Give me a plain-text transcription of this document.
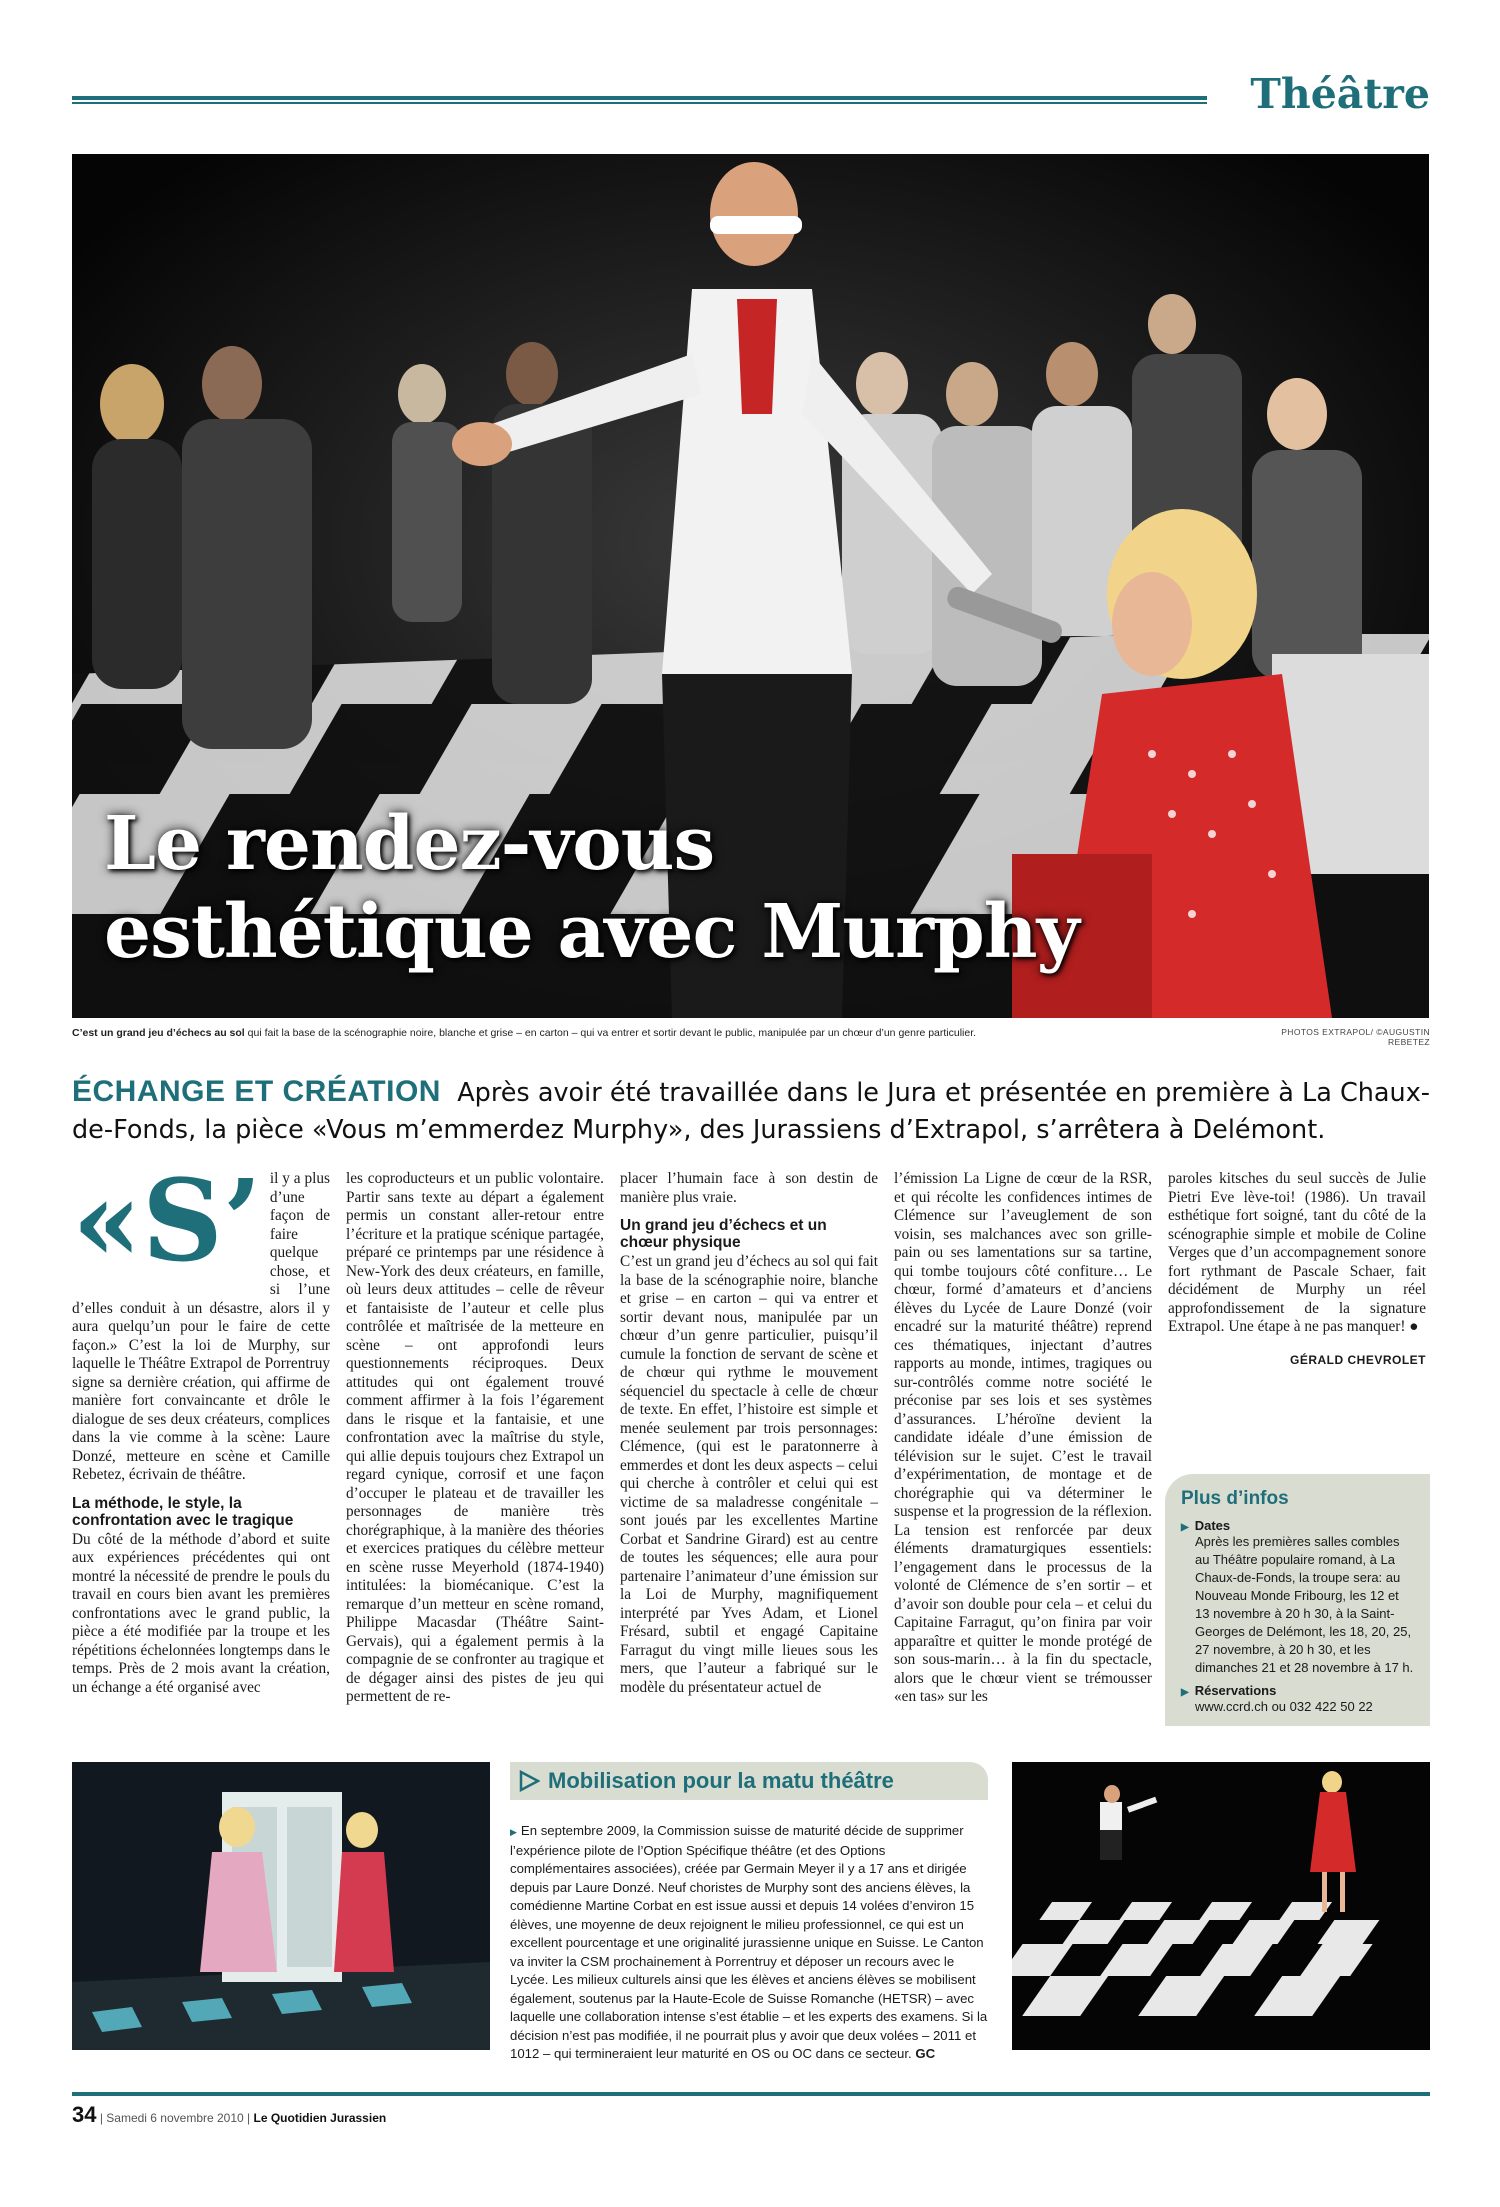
Théâtre
Le rendez-vous
esthétique avec Murphy
C’est un grand jeu d’échecs au sol qui fait la base de la scénographie noire, blanche et grise – en carton – qui va entrer et sortir devant le public, manipulée par un chœur d’un genre particulier.	PHOTOS EXTRAPOL/ ©AUGUSTIN REBETEZ
ÉCHANGE ET CRÉATION Après avoir été travaillée dans le Jura et présentée en première à La Chaux-de-Fonds, la pièce «Vous m’emmerdez Murphy», des Jurassiens d’Extrapol, s’arrêtera à Delémont.
«S’ il y a plus d’une façon de faire quelque chose, et si l’une d’elles conduit à un désastre, alors il y aura quelqu’un pour le faire de cette façon.» C’est la loi de Murphy, sur laquelle le Théâtre Extrapol de Porrentruy signe sa dernière création, qui affirme de manière fort convaincante et drôle le dialogue de ses deux créateurs, complices dans la vie comme à la scène: Laure Donzé, metteure en scène et Camille Rebetez, écrivain de théâtre.

La méthode, le style, la confrontation avec le tragique

Du côté de la méthode d’abord et suite aux expériences précédentes qui ont montré la nécessité de prendre le pouls du travail en cours bien avant les premières confrontations avec le grand public, la pièce a été modifiée par la troupe et les répétitions échelonnées longtemps dans le temps. Près de 2 mois avant la création, un échange a été organisé avec

les coproducteurs et un public volontaire. Partir sans texte au départ a également permis un constant aller-retour entre l’écriture et la pratique scénique partagée, préparé ce printemps par une résidence à New-York des deux créateurs, en famille, où leurs deux attitudes – celle de rêveur et fantaisiste de l’auteur et celle plus contrôlée et maîtrisée de la metteure en scène – ont approfondi leurs questionnements réciproques. Deux attitudes qui ont également trouvé comment affirmer à la fois l’égarement dans le risque et la fantaisie, et une confrontation avec la maîtrise du style, qui allie depuis toujours chez Extrapol un regard cynique, corrosif et une façon d’occuper le plateau et de travailler les personnages de manière très chorégraphique, à la manière des théories et exercices pratiques du célèbre metteur en scène russe Meyerhold (1874-1940) intitulées: la biomécanique. C’est la remarque d’un metteur en scène romand, Philippe Macasdar (Théâtre Saint-Gervais), qui a également permis à la compagnie de se confronter au tragique et de dégager ainsi des pistes de jeu qui permettent de re-

placer l’humain face à son destin de manière plus vraie.

Un grand jeu d’échecs et un chœur physique

C’est un grand jeu d’échecs au sol qui fait la base de la scénographie noire, blanche et grise – en carton – qui va entrer et sortir devant nous, manipulée par un chœur d’un genre particulier, puisqu’il cumule la fonction de servant de scène et de chœur qui rythme le mouvement séquenciel du spectacle à celle de chœur de texte. En effet, l’histoire est simple et menée seulement par trois personnages: Clémence, (qui est le paratonnerre à emmerdes et dont les deux aspects – celui qui cherche à contrôler et celui qui est victime de sa maladresse congénitale – sont joués par les excellentes Martine Corbat et Sandrine Girard) est au centre de toutes les séquences; elle aura pour partenaire l’animateur d’une émission sur la Loi de Murphy, magnifiquement interprété par Yves Adam, et Lionel Frésard, subtil et engagé Capitaine Farragut du vingt mille lieues sous les mers, que l’auteur a fabriqué sur le modèle du présentateur actuel de

l’émission La Ligne de cœur de la RSR, et qui récolte les confidences intimes de Clémence sur l’aveuglement de son voisin, ses malchances avec son grille-pain ou ses lamentations sur sa tartine, qui tombe toujours côté confiture… Le chœur, formé d’amateurs et d’anciens élèves du Lycée de Laure Donzé (voir encadré sur la maturité théâtre) reprend ces thématiques, injectant d’autres rapports au monde, intimes, tragiques ou sur-contrôlés comme notre société le préconise par ses lois et ses systèmes d’assurances. L’héroïne devient la candidate idéale d’une émission de télévision sur le sujet. C’est le travail d’expérimentation, de montage et de chorégraphie qui va déterminer le suspense et la progression de la réflexion. La tension est renforcée par deux éléments dramaturgiques essentiels: l’engagement dans le processus de la volonté de Clémence de s’en sortir – et d’avoir son double pour cela – et celui du Capitaine Farragut, qu’on finira par voir apparaître et quitter le monde protégé de son sous-marin… à la fin du spectacle, alors que le chœur vient se trémousser «en tas» sur les

paroles kitsches du seul succès de Julie Pietri Eve lève-toi! (1986). Un travail esthétique fort soigné, tant du côté de la scénographie simple et mobile de Coline Verges que d’un accompagnement sonore fort rythmant de Pascale Schaer, fait décidément de Murphy un réel approfondissement de la signature Extrapol. Une étape à ne pas manquer! ●

GÉRALD CHEVROLET

Plus d’infos
▶ Dates
Après les premières salles combles au Théâtre populaire romand, à La Chaux-de-Fonds, la troupe sera: au Nouveau Monde Fribourg, les 12 et 13 novembre à 20 h 30, à la Saint-Georges de Delémont, les 18, 20, 25, 27 novembre, à 20 h 30, et les dimanches 21 et 28 novembre à 17 h.
▶ Réservations
www.ccrd.ch ou 032 422 50 22
Mobilisation pour la matu théâtre
▶ En septembre 2009, la Commission suisse de maturité décide de supprimer l’expérience pilote de l’Option Spécifique théâtre (et des Options complémentaires associées), créée par Germain Meyer il y a 17 ans et dirigée depuis par Laure Donzé. Neuf choristes de Murphy sont des anciens élèves, la comédienne Martine Corbat en est issue aussi et depuis 14 volées d’environ 15 élèves, une moyenne de deux rejoignent le milieu professionnel, ce qui est un excellent pourcentage et une originalité jurassienne unique en Suisse. Le Canton va inviter la CSM prochainement à Porrentruy et déposer un recours avec le Lycée. Les milieux culturels ainsi que les élèves et anciens élèves se mobilisent également, soutenus par la Haute-Ecole de Suisse Romanche (HETSR) – avec laquelle une collaboration intense s’est établie – et les experts des examens. Si la décision n’est pas modifiée, il ne pourrait plus y avoir que deux volées – 2011 et 1012 – qui termineraient leur maturité en OS ou OC dans ce secteur. GC
34 | Samedi 6 novembre 2010 | Le Quotidien Jurassien
